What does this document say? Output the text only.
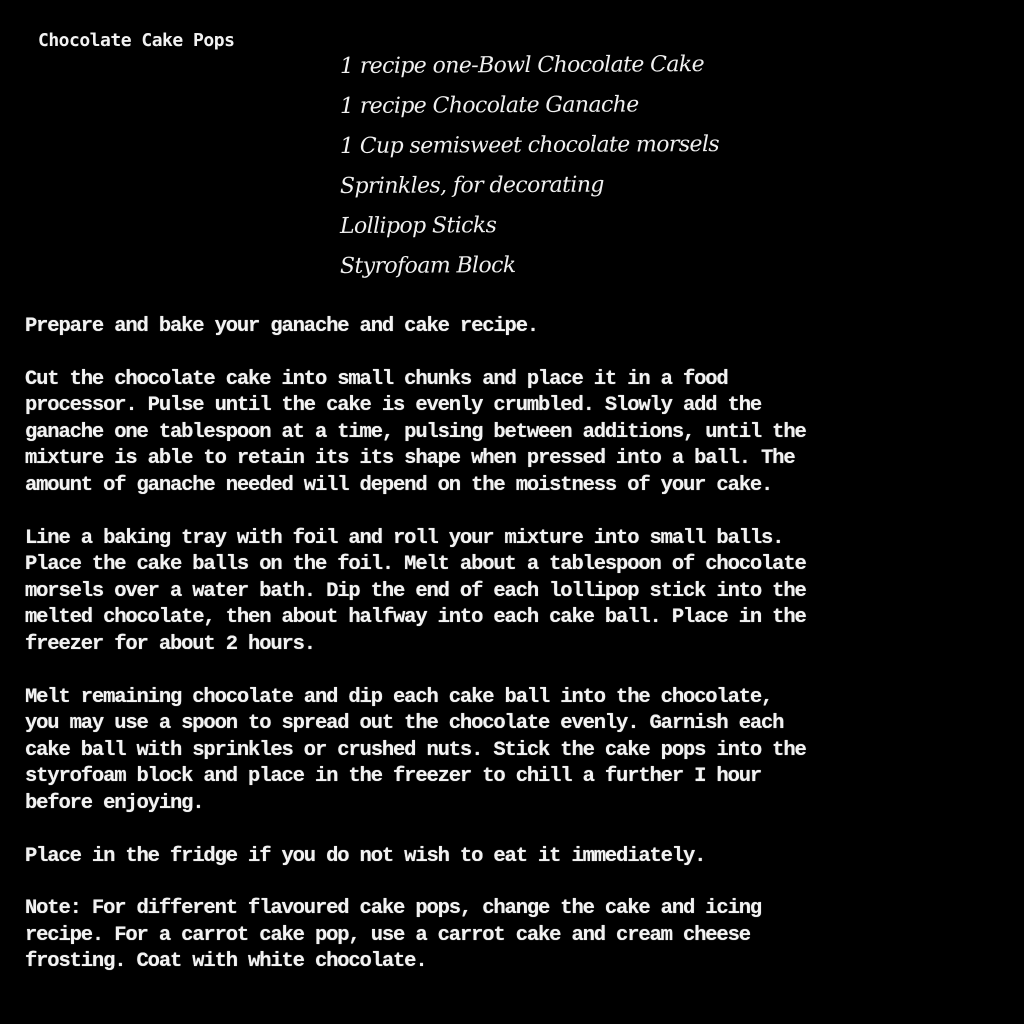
Chocolate Cake Pops
1 recipe one-Bowl Chocolate Cake
1 recipe Chocolate Ganache
1 Cup semisweet chocolate morsels
Sprinkles, for decorating
Lollipop Sticks
Styrofoam Block

Prepare and bake your ganache and cake recipe.

Cut the chocolate cake into small chunks and place it in a food
processor. Pulse until the cake is evenly crumbled. Slowly add the
ganache one tablespoon at a time, pulsing between additions, until the
mixture is able to retain its its shape when pressed into a ball. The
amount of ganache needed will depend on the moistness of your cake.

Line a baking tray with foil and roll your mixture into small balls.
Place the cake balls on the foil. Melt about a tablespoon of chocolate
morsels over a water bath. Dip the end of each lollipop stick into the
melted chocolate, then about halfway into each cake ball. Place in the
freezer for about 2 hours.

Melt remaining chocolate and dip each cake ball into the chocolate,
you may use a spoon to spread out the chocolate evenly. Garnish each
cake ball with sprinkles or crushed nuts. Stick the cake pops into the
styrofoam block and place in the freezer to chill a further I hour
before enjoying.

Place in the fridge if you do not wish to eat it immediately.

Note: For different flavoured cake pops, change the cake and icing
recipe. For a carrot cake pop, use a carrot cake and cream cheese
frosting. Coat with white chocolate.
